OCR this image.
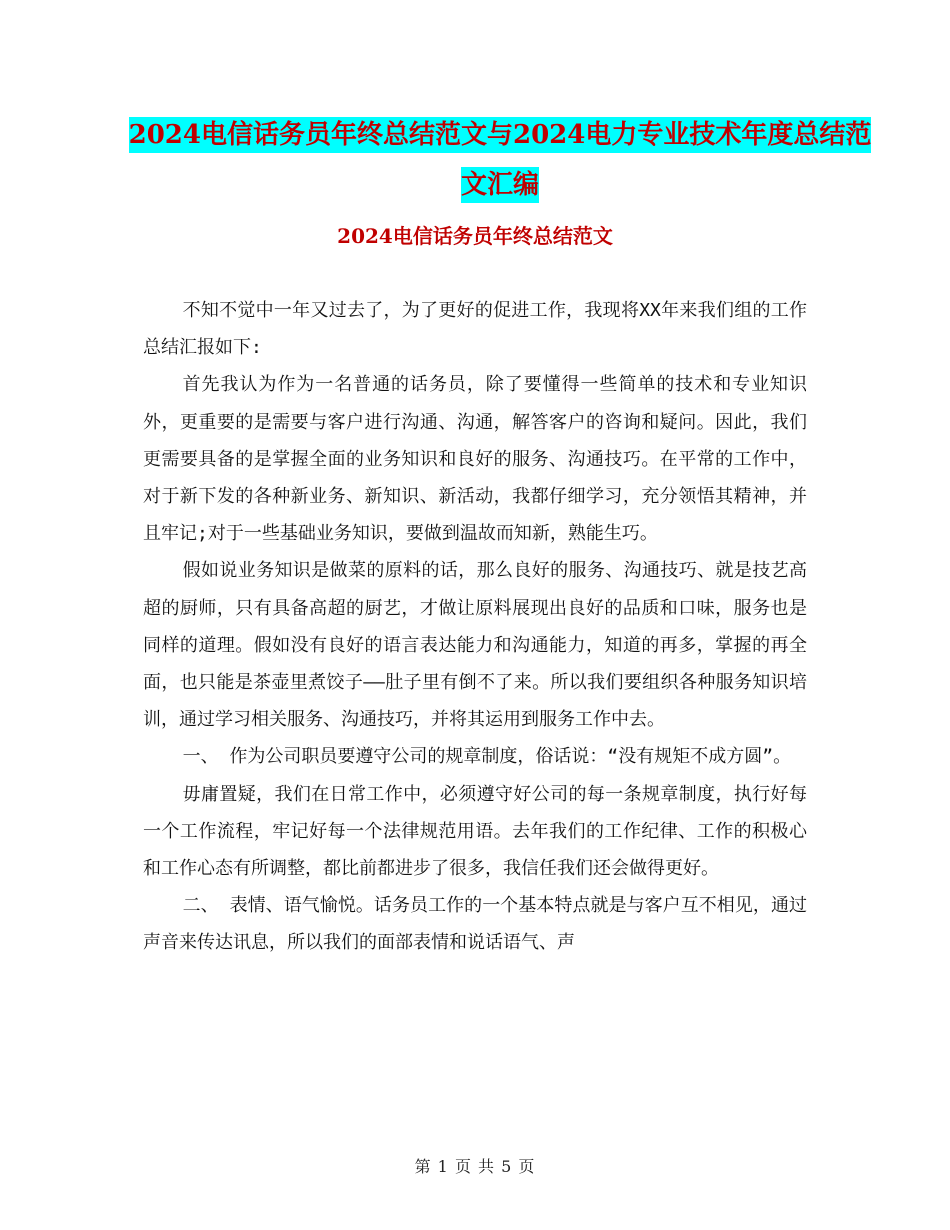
2024电信话务员年终总结范文与2024电力专业技术年度总结范文汇编
2024电信话务员年终总结范文

不知不觉中一年又过去了，为了更好的促进工作，我现将XX年来我们组的工作总结汇报如下:

首先我认为作为一名普通的话务员，除了要懂得一些简单的技术和专业知识外，更重要的是需要与客户进行沟通、沟通，解答客户的咨询和疑问。因此，我们更需要具备的是掌握全面的业务知识和良好的服务、沟通技巧。在平常的工作中，对于新下发的各种新业务、新知识、新活动，我都仔细学习，充分领悟其精神，并且牢记;对于一些基础业务知识，要做到温故而知新，熟能生巧。

假如说业务知识是做菜的原料的话，那么良好的服务、沟通技巧、就是技艺高超的厨师，只有具备高超的厨艺，才做让原料展现出良好的品质和口味，服务也是同样的道理。假如没有良好的语言表达能力和沟通能力，知道的再多，掌握的再全面，也只能是茶壶里煮饺子——肚子里有倒不了来。所以我们要组织各种服务知识培训，通过学习相关服务、沟通技巧，并将其运用到服务工作中去。

一、 作为公司职员要遵守公司的规章制度，俗话说：“没有规矩不成方圆”。

毋庸置疑，我们在日常工作中，必须遵守好公司的每一条规章制度，执行好每一个工作流程，牢记好每一个法律规范用语。去年我们的工作纪律、工作的积极心和工作心态有所调整，都比前都进步了很多，我信任我们还会做得更好。

二、 表情、语气愉悦。话务员工作的一个基本特点就是与客户互不相见，通过声音来传达讯息，所以我们的面部表情和说话语气、声

第 1 页 共 5 页
